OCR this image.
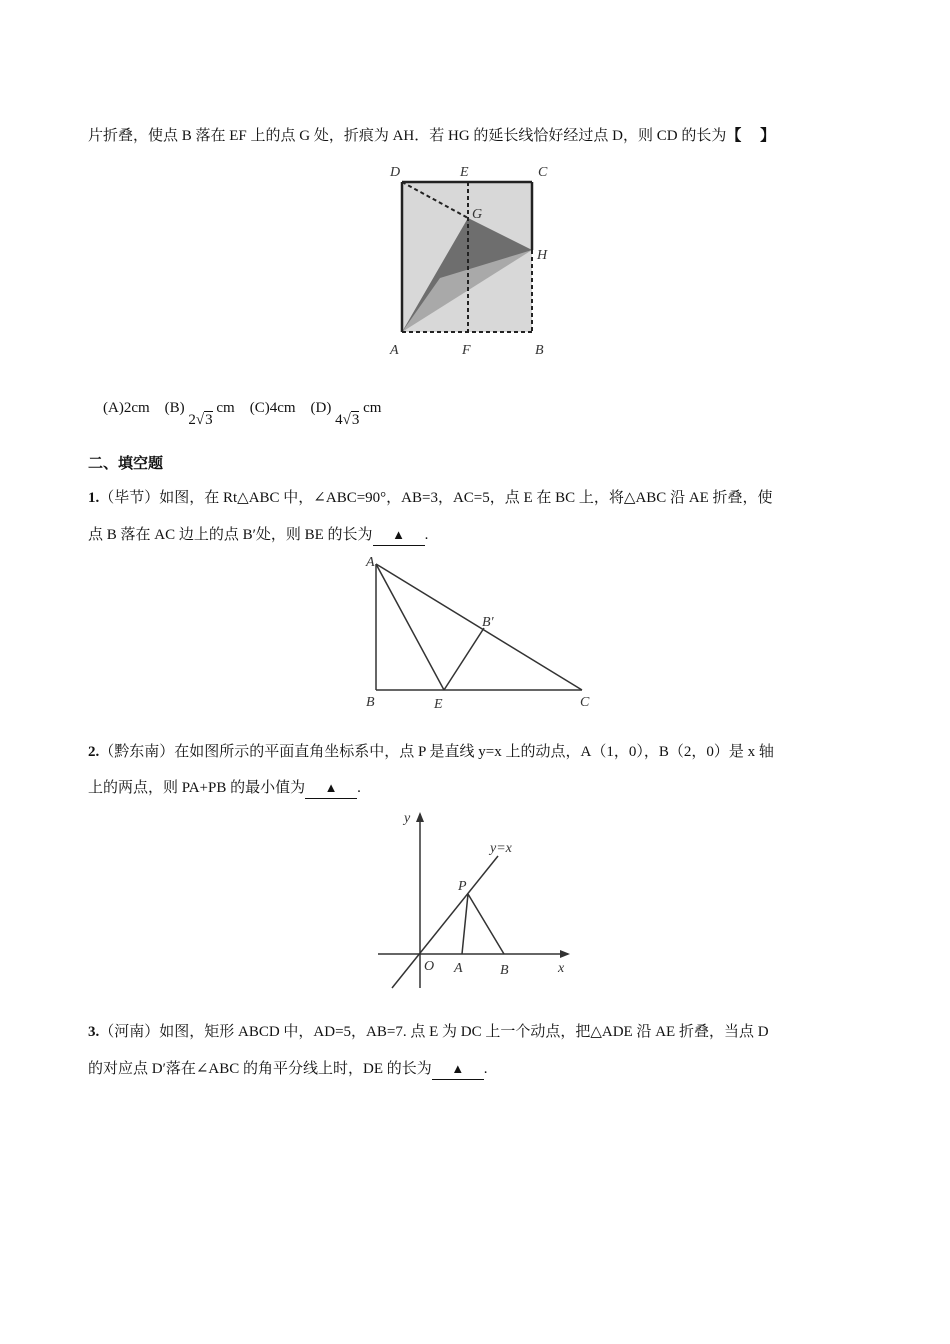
片折叠，使点 B 落在 EF 上的点 G 处，折痕为 AH．若 HG 的延长线恰好经过点 D，则 CD 的长为【　 】
D	E	C
G
H
A	F	B
(A)2cm (B) 2√3 cm (C)4cm (D) 4√3 cm
二、填空题
1.（毕节）如图，在 Rt△ABC 中，∠ABC=90°，AB=3，AC=5，点 E 在 BC 上，将△ABC 沿 AE 折叠，使
点 B 落在 AC 边上的点 B′处，则 BE 的长为 ▲ .
A
B′
B	E	C
2.（黔东南）在如图所示的平面直角坐标系中，点 P 是直线 y=x 上的动点，A（1，0），B（2，0）是 x 轴
上的两点，则 PA+PB 的最小值为 ▲ .
y
y=x
P
O A	B	x
3.（河南）如图，矩形 ABCD 中，AD=5，AB=7. 点 E 为 DC 上一个动点，把△ADE 沿 AE 折叠，当点 D
的对应点 D′落在∠ABC 的角平分线上时，DE 的长为 ▲ .
